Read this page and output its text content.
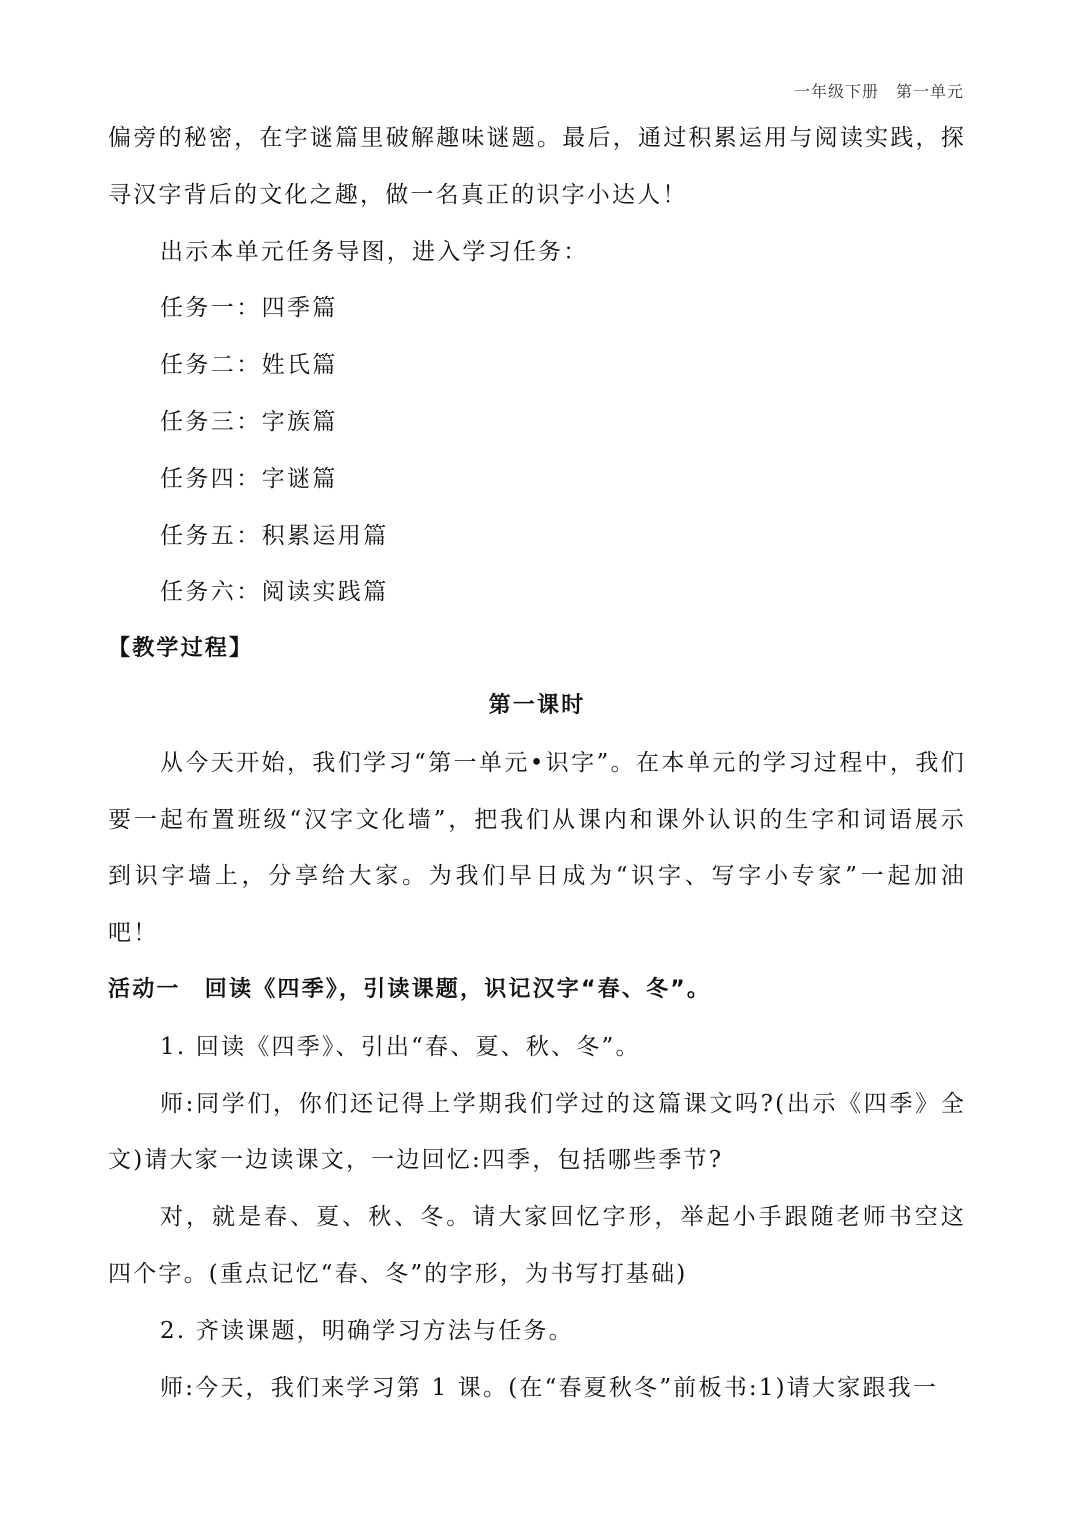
一年级下册　第一单元

偏旁的秘密，在字谜篇里破解趣味谜题。最后，通过积累运用与阅读实践，探寻汉字背后的文化之趣，做一名真正的识字小达人！

出示本单元任务导图，进入学习任务：

任务一：四季篇

任务二：姓氏篇

任务三：字族篇

任务四：字谜篇

任务五：积累运用篇

任务六：阅读实践篇

【教学过程】

第一课时

从今天开始，我们学习“第一单元•识字”。在本单元的学习过程中，我们要一起布置班级“汉字文化墙”，把我们从课内和课外认识的生字和词语展示到识字墙上，分享给大家。为我们早日成为“识字、写字小专家”一起加油吧！

活动一　回读《四季》，引读课题，识记汉字“春、冬”。

1. 回读《四季》、引出“春、夏、秋、冬”。

师:同学们，你们还记得上学期我们学过的这篇课文吗?(出示《四季》全文)请大家一边读课文，一边回忆:四季，包括哪些季节?

对，就是春、夏、秋、冬。请大家回忆字形，举起小手跟随老师书空这四个字。(重点记忆“春、冬”的字形，为书写打基础)

2. 齐读课题，明确学习方法与任务。

师:今天，我们来学习第 1 课。(在“春夏秋冬”前板书:1)请大家跟我一
